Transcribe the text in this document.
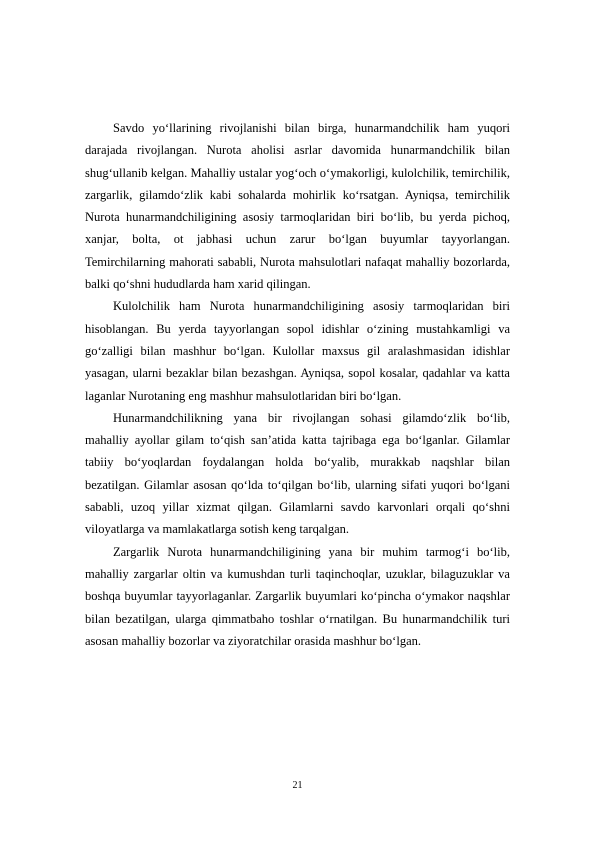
Savdo yo‘llarining rivojlanishi bilan birga, hunarmandchilik ham yuqori darajada rivojlangan. Nurota aholisi asrlar davomida hunarmandchilik bilan shug‘ullanib kelgan. Mahalliy ustalar yog‘och o‘ymakorligi, kulolchilik, temirchilik, zargarlik, gilamdo‘zlik kabi sohalarda mohirlik ko‘rsatgan. Ayniqsa, temirchilik Nurota hunarmandchiligining asosiy tarmoqlaridan biri bo‘lib, bu yerda pichoq, xanjar, bolta, ot jabhasi uchun zarur bo‘lgan buyumlar tayyorlangan. Temirchilarning mahorati sababli, Nurota mahsulotlari nafaqat mahalliy bozorlarda, balki qo‘shni hududlarda ham xarid qilingan.

Kulolchilik ham Nurota hunarmandchiligining asosiy tarmoqlaridan biri hisoblangan. Bu yerda tayyorlangan sopol idishlar o‘zining mustahkamligi va go‘zalligi bilan mashhur bo‘lgan. Kulollar maxsus gil aralashmasidan idishlar yasagan, ularni bezaklar bilan bezashgan. Ayniqsa, sopol kosalar, qadahlar va katta laganlar Nurotaning eng mashhur mahsulotlaridan biri bo‘lgan.

Hunarmandchilikning yana bir rivojlangan sohasi gilamdo‘zlik bo‘lib, mahalliy ayollar gilam to‘qish san’atida katta tajribaga ega bo‘lganlar. Gilamlar tabiiy bo‘yoqlardan foydalangan holda bo‘yalib, murakkab naqshlar bilan bezatilgan. Gilamlar asosan qo‘lda to‘qilgan bo‘lib, ularning sifati yuqori bo‘lgani sababli, uzoq yillar xizmat qilgan. Gilamlarni savdo karvonlari orqali qo‘shni viloyatlarga va mamlakatlarga sotish keng tarqalgan.

Zargarlik Nurota hunarmandchiligining yana bir muhim tarmog‘i bo‘lib, mahalliy zargarlar oltin va kumushdan turli taqinchoqlar, uzuklar, bilaguzuklar va boshqa buyumlar tayyorlaganlar. Zargarlik buyumlari ko‘pincha o‘ymakor naqshlar bilan bezatilgan, ularga qimmatbaho toshlar o‘rnatilgan. Bu hunarmandchilik turi asosan mahalliy bozorlar va ziyoratchilar orasida mashhur bo‘lgan.

21
